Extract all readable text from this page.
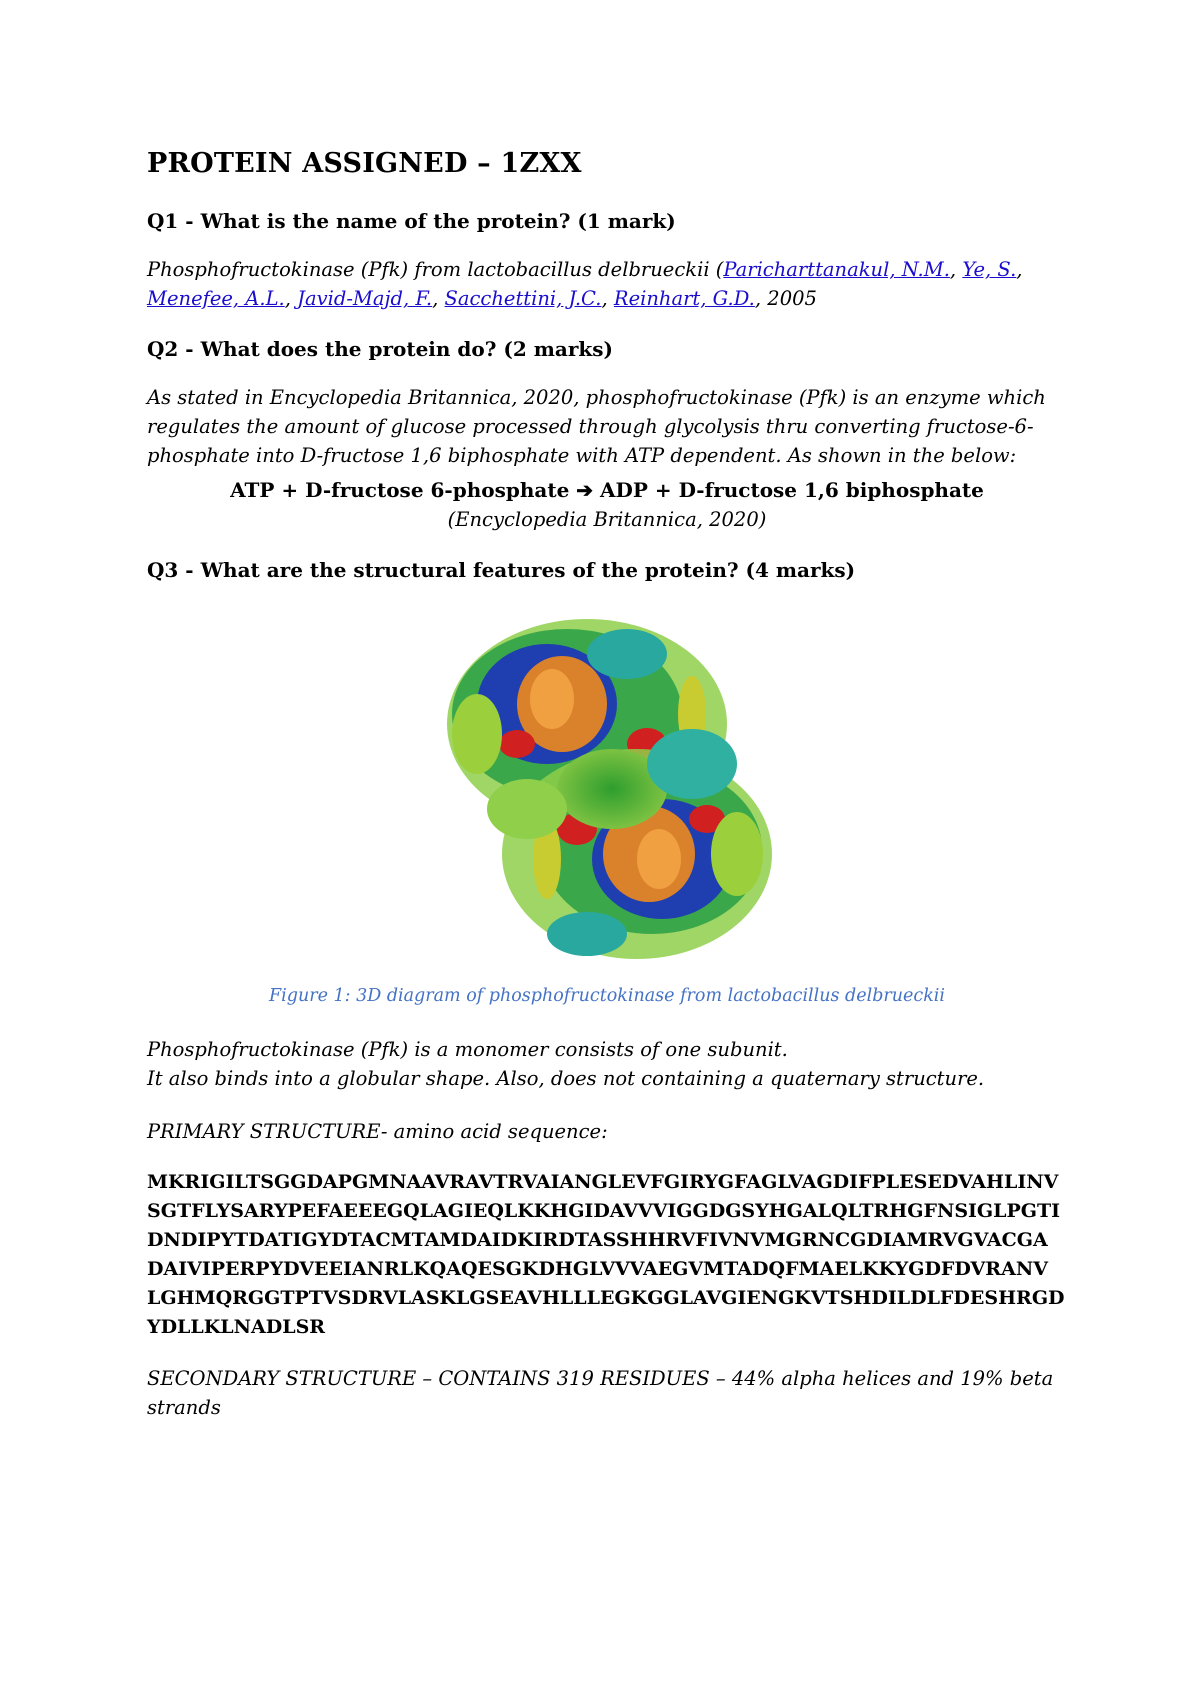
PROTEIN ASSIGNED – 1ZXX
Q1 - What is the name of the protein? (1 mark)

Phosphofructokinase (Pfk) from lactobacillus delbrueckii (Paricharttanakul, N.M., Ye, S., Menefee, A.L., Javid-Majd, F., Sacchettini, J.C., Reinhart, G.D., 2005

Q2 - What does the protein do? (2 marks)

As stated in Encyclopedia Britannica, 2020, phosphofructokinase (Pfk) is an enzyme which regulates the amount of glucose processed through glycolysis thru converting fructose-6-phosphate into D-fructose 1,6 biphosphate with ATP dependent. As shown in the below:

ATP + D-fructose 6-phosphate ➔ ADP + D-fructose 1,6 biphosphate

(Encyclopedia Britannica, 2020)

Q3 - What are the structural features of the protein? (4 marks)

Figure 1: 3D diagram of phosphofructokinase from lactobacillus delbrueckii

Phosphofructokinase (Pfk) is a monomer consists of one subunit.

It also binds into a globular shape. Also, does not containing a quaternary structure.

PRIMARY STRUCTURE- amino acid sequence:

MKRIGILTSGGDAPGMNAAVRAVTRVAIANGLEVFGIRYGFAGLVAGDIFPLESEDVAHLINV

SGTFLYSARYPEFAEEEGQLAGIEQLKKHGIDAVVVIGGDGSYHGALQLTRHGFNSIGLPGTI

DNDIPYTDATIGYDTACMTAMDAIDKIRDTASSHHRVFIVNVMGRNCGDIAMRVGVACGA

DAIVIPERPYDVEEIANRLKQAQESGKDHGLVVVAEGVMTADQFMAELKKYGDFDVRANV

LGHMQRGGTPTVSDRVLASKLGSEAVHLLLEGKGGLAVGIENGKVTSHDILDLFDESHRGD

YDLLKLNADLSR

SECONDARY STRUCTURE – CONTAINS 319 RESIDUES – 44% alpha helices and 19% beta strands
